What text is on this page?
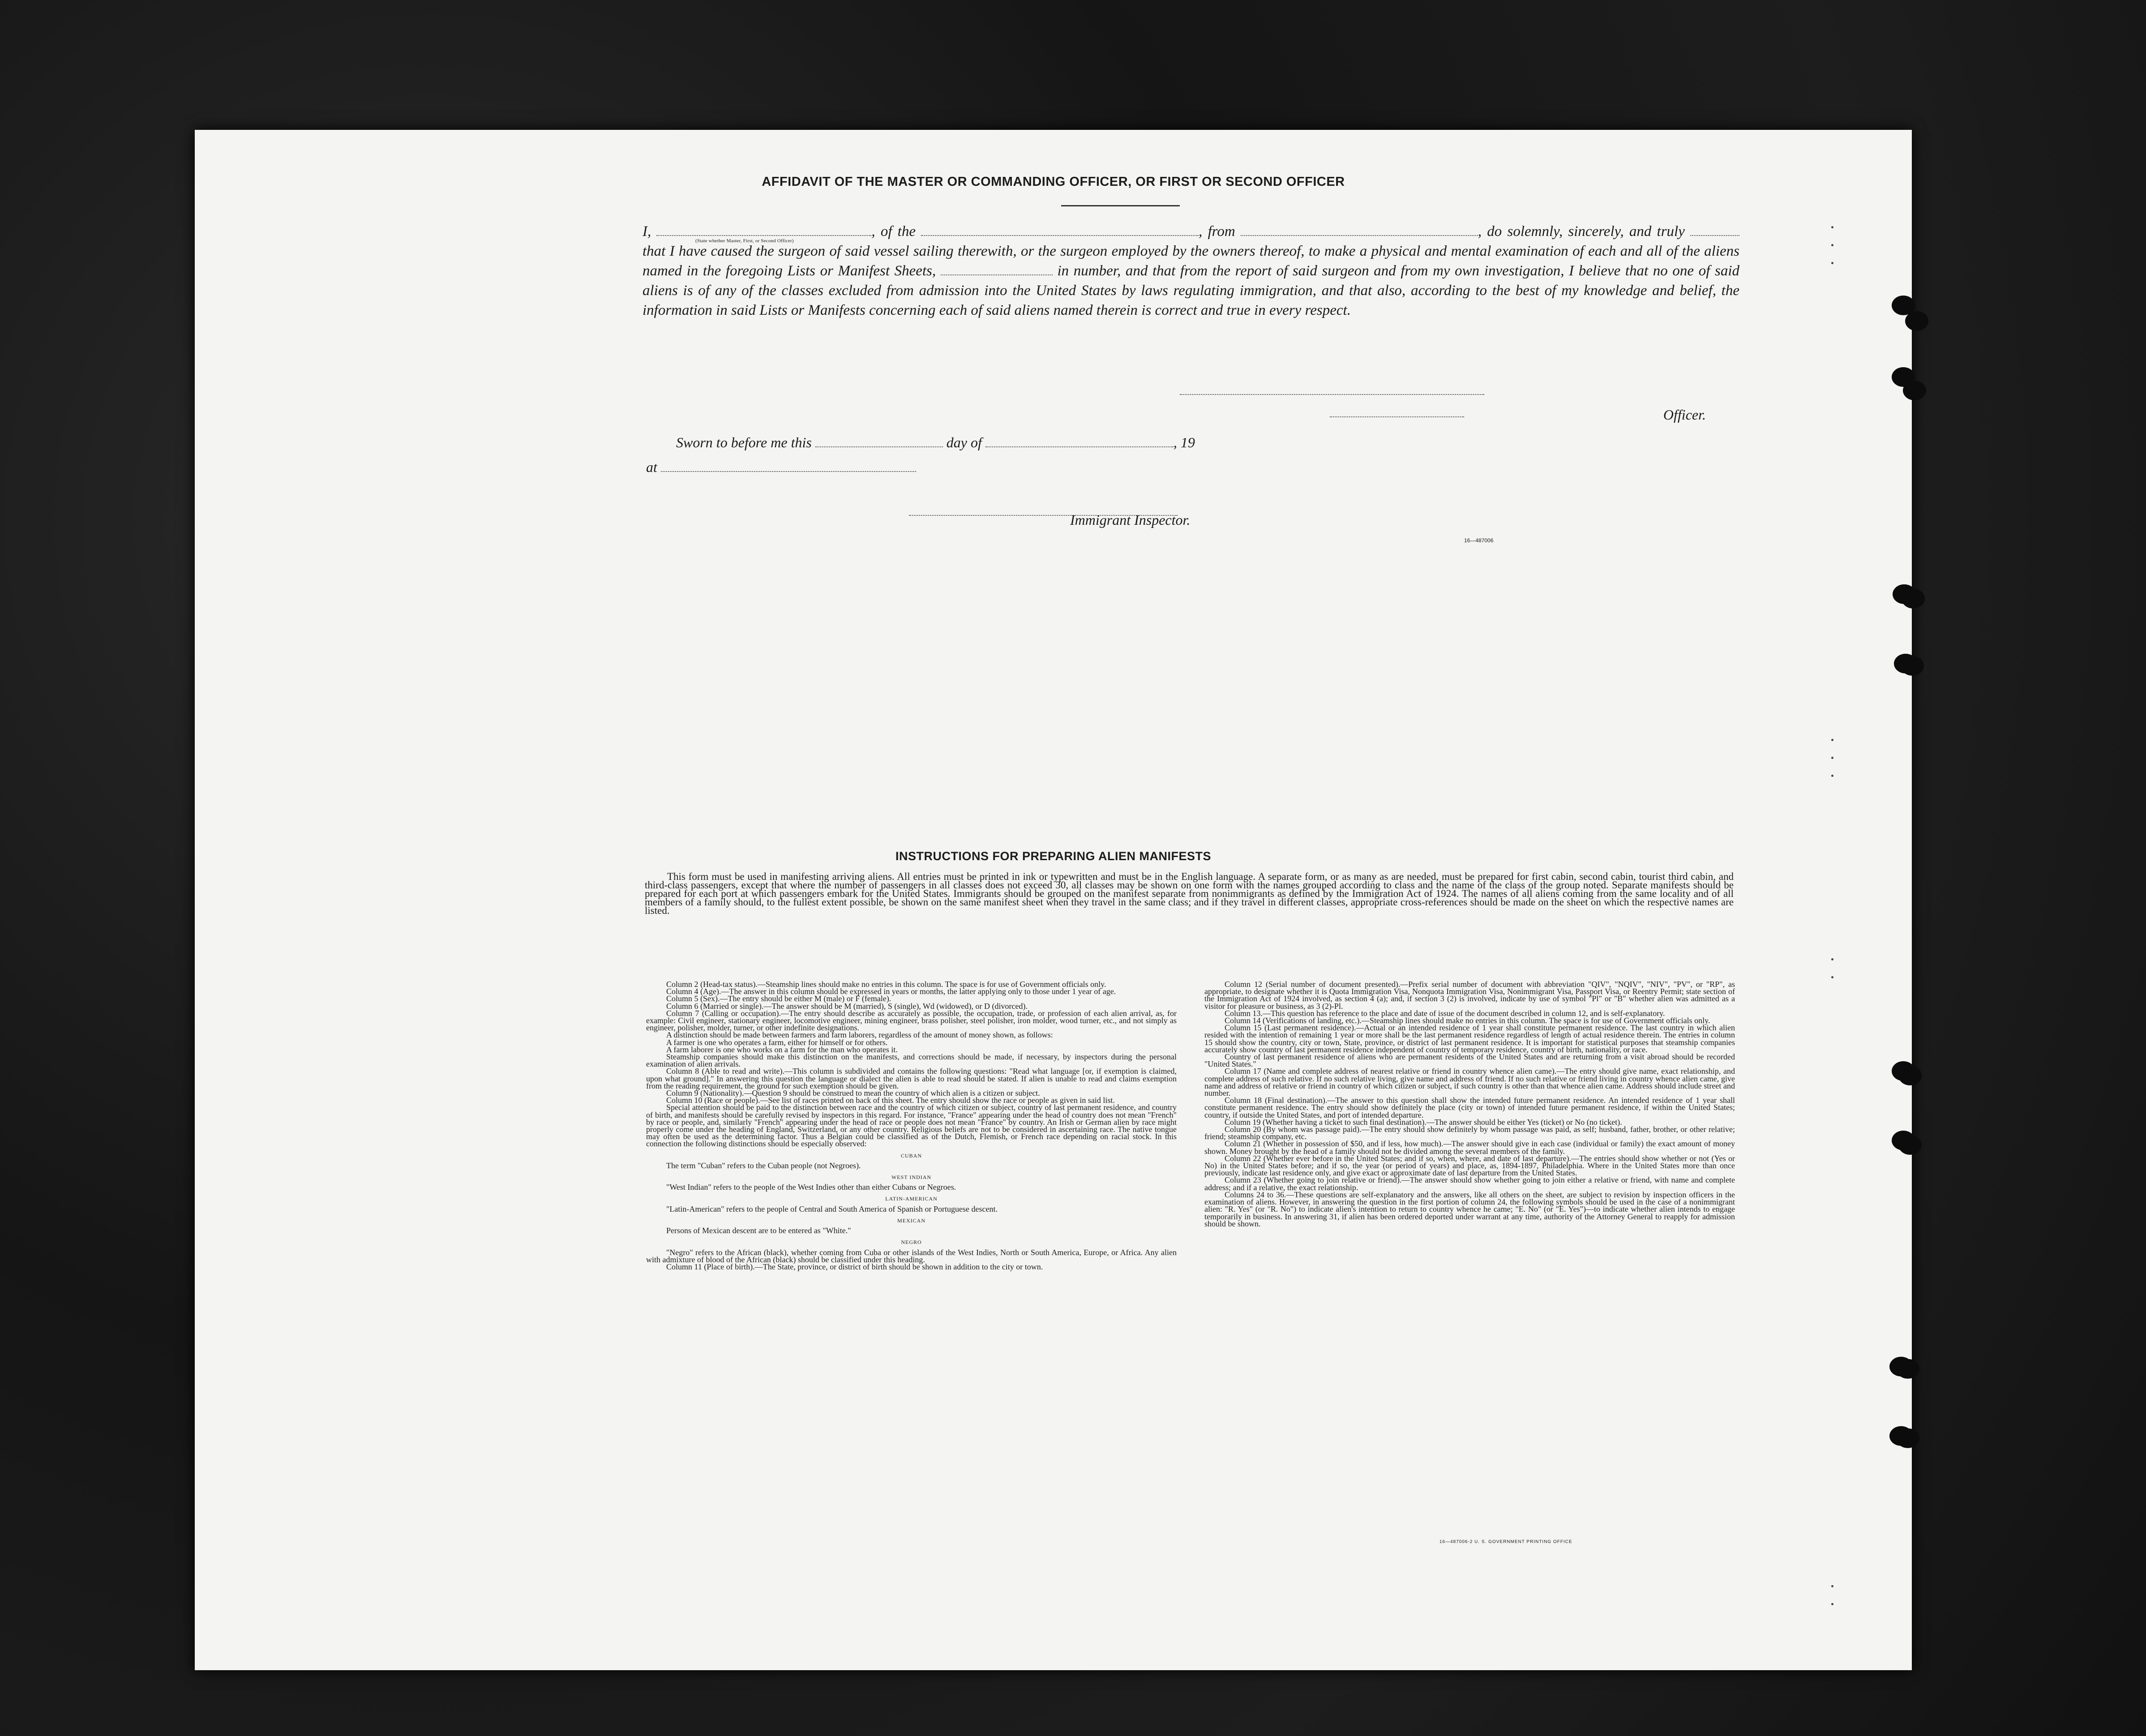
AFFIDAVIT OF THE MASTER OR COMMANDING OFFICER, OR FIRST OR SECOND OFFICER
I,	, of the	, from	, do solemnly, sincerely, and truly  that I have caused the surgeon of said vessel sailing therewith, or the surgeon employed by the owners thereof, to make a physical and mental examination of each and all of the aliens named in the foregoing Lists or Manifest Sheets,	in number, and that from the report of said surgeon and from my own investigation, I believe that no one of said aliens is of any of the classes excluded from admission into the United States by laws regulating immigration, and that also, according to the best of my knowledge and belief, the information in said Lists or Manifests concerning each of said aliens named therein is correct and true in every respect.
(State whether Master, First, or Second Officer)
Officer.
Sworn to before me this	day of	, 19
at
Immigrant Inspector.
16—487006
INSTRUCTIONS FOR PREPARING ALIEN MANIFESTS
This form must be used in manifesting arriving aliens. All entries must be printed in ink or typewritten and must be in the English language. A separate form, or as many as are needed, must be prepared for first cabin, second cabin, tourist third cabin, and third-class passengers, except that where the number of passengers in all classes does not exceed 30, all classes may be shown on one form with the names grouped according to class and the name of the class of the group noted. Separate manifests should be prepared for each port at which passengers embark for the United States. Immigrants should be grouped on the manifest separate from nonimmigrants as defined by the Immigration Act of 1924. The names of all aliens coming from the same locality and of all members of a family should, to the fullest extent possible, be shown on the same manifest sheet when they travel in the same class; and if they travel in different classes, appropriate cross-references should be made on the sheet on which the respective names are listed.

Column 2 (Head-tax status).—Steamship lines should make no entries in this column. The space is for use of Government officials only.

Column 4 (Age).—The answer in this column should be expressed in years or months, the latter applying only to those under 1 year of age.

Column 5 (Sex).—The entry should be either M (male) or F (female).

Column 6 (Married or single).—The answer should be M (married), S (single), Wd (widowed), or D (divorced).

Column 7 (Calling or occupation).—The entry should describe as accurately as possible, the occupation, trade, or profession of each alien arrival, as, for example: Civil engineer, stationary engineer, locomotive engineer, mining engineer, brass polisher, steel polisher, iron molder, wood turner, etc., and not simply as engineer, polisher, molder, turner, or other indefinite designations.

A distinction should be made between farmers and farm laborers, regardless of the amount of money shown, as follows:

A farmer is one who operates a farm, either for himself or for others.

A farm laborer is one who works on a farm for the man who operates it.

Steamship companies should make this distinction on the manifests, and corrections should be made, if necessary, by inspectors during the personal examination of alien arrivals.

Column 8 (Able to read and write).—This column is subdivided and contains the following questions: "Read what language [or, if exemption is claimed, upon what ground]." In answering this question the language or dialect the alien is able to read should be stated. If alien is unable to read and claims exemption from the reading requirement, the ground for such exemption should be given.

Column 9 (Nationality).—Question 9 should be construed to mean the country of which alien is a citizen or subject.

Column 10 (Race or people).—See list of races printed on back of this sheet. The entry should show the race or people as given in said list.

Special attention should be paid to the distinction between race and the country of which citizen or subject, country of last permanent residence, and country of birth, and manifests should be carefully revised by inspectors in this regard. For instance, "France" appearing under the head of country does not mean "French" by race or people, and, similarly "French" appearing under the head of race or people does not mean "France" by country. An Irish or German alien by race might properly come under the heading of England, Switzerland, or any other country. Religious beliefs are not to be considered in ascertaining race. The native tongue may often be used as the determining factor. Thus a Belgian could be classified as of the Dutch, Flemish, or French race depending on racial stock. In this connection the following distinctions should be especially observed:

CUBAN

The term "Cuban" refers to the Cuban people (not Negroes).

WEST INDIAN

"West Indian" refers to the people of the West Indies other than either Cubans or Negroes.

LATIN-AMERICAN

"Latin-American" refers to the people of Central and South America of Spanish or Portuguese descent.

MEXICAN

Persons of Mexican descent are to be entered as "White."

NEGRO

"Negro" refers to the African (black), whether coming from Cuba or other islands of the West Indies, North or South America, Europe, or Africa. Any alien with admixture of blood of the African (black) should be classified under this heading.

Column 11 (Place of birth).—The State, province, or district of birth should be shown in addition to the city or town.

Column 12 (Serial number of document presented).—Prefix serial number of document with abbreviation "QIV", "NQIV", "NIV", "PV", or "RP", as appropriate, to designate whether it is Quota Immigration Visa, Nonquota Immigration Visa, Nonimmigrant Visa, Passport Visa, or Reentry Permit; state section of the Immigration Act of 1924 involved, as section 4 (a); and, if section 3 (2) is involved, indicate by use of symbol "Pl" or "B" whether alien was admitted as a visitor for pleasure or business, as 3 (2)-Pl.

Column 13.—This question has reference to the place and date of issue of the document described in column 12, and is self-explanatory.

Column 14 (Verifications of landing, etc.).—Steamship lines should make no entries in this column. The space is for use of Government officials only.

Column 15 (Last permanent residence).—Actual or an intended residence of 1 year shall constitute permanent residence. The last country in which alien resided with the intention of remaining 1 year or more shall be the last permanent residence regardless of length of actual residence therein. The entries in column 15 should show the country, city or town, State, province, or district of last permanent residence. It is important for statistical purposes that steamship companies accurately show country of last permanent residence independent of country of temporary residence, country of birth, nationality, or race.

Country of last permanent residence of aliens who are permanent residents of the United States and are returning from a visit abroad should be recorded "United States."

Column 17 (Name and complete address of nearest relative or friend in country whence alien came).—The entry should give name, exact relationship, and complete address of such relative. If no such relative living, give name and address of friend. If no such relative or friend living in country whence alien came, give name and address of relative or friend in country of which citizen or subject, if such country is other than that whence alien came. Address should include street and number.

Column 18 (Final destination).—The answer to this question shall show the intended future permanent residence. An intended residence of 1 year shall constitute permanent residence. The entry should show definitely the place (city or town) of intended future permanent residence, if within the United States; country, if outside the United States, and port of intended departure.

Column 19 (Whether having a ticket to such final destination).—The answer should be either Yes (ticket) or No (no ticket).

Column 20 (By whom was passage paid).—The entry should show definitely by whom passage was paid, as self; husband, father, brother, or other relative; friend; steamship company, etc.

Column 21 (Whether in possession of $50, and if less, how much).—The answer should give in each case (individual or family) the exact amount of money shown. Money brought by the head of a family should not be divided among the several members of the family.

Column 22 (Whether ever before in the United States; and if so, when, where, and date of last departure).—The entries should show whether or not (Yes or No) in the United States before; and if so, the year (or period of years) and place, as, 1894-1897, Philadelphia. Where in the United States more than once previously, indicate last residence only, and give exact or approximate date of last departure from the United States.

Column 23 (Whether going to join relative or friend).—The answer should show whether going to join either a relative or friend, with name and complete address; and if a relative, the exact relationship.

Columns 24 to 36.—These questions are self-explanatory and the answers, like all others on the sheet, are subject to revision by inspection officers in the examination of aliens. However, in answering the question in the first portion of column 24, the following symbols should be used in the case of a nonimmigrant alien: "R. Yes" (or "R. No") to indicate alien's intention to return to country whence he came; "E. No" (or "E. Yes")—to indicate whether alien intends to engage temporarily in business. In answering 31, if alien has been ordered deported under warrant at any time, authority of the Attorney General to reapply for admission should be shown.

16—487006-2 U. S. GOVERNMENT PRINTING OFFICE
